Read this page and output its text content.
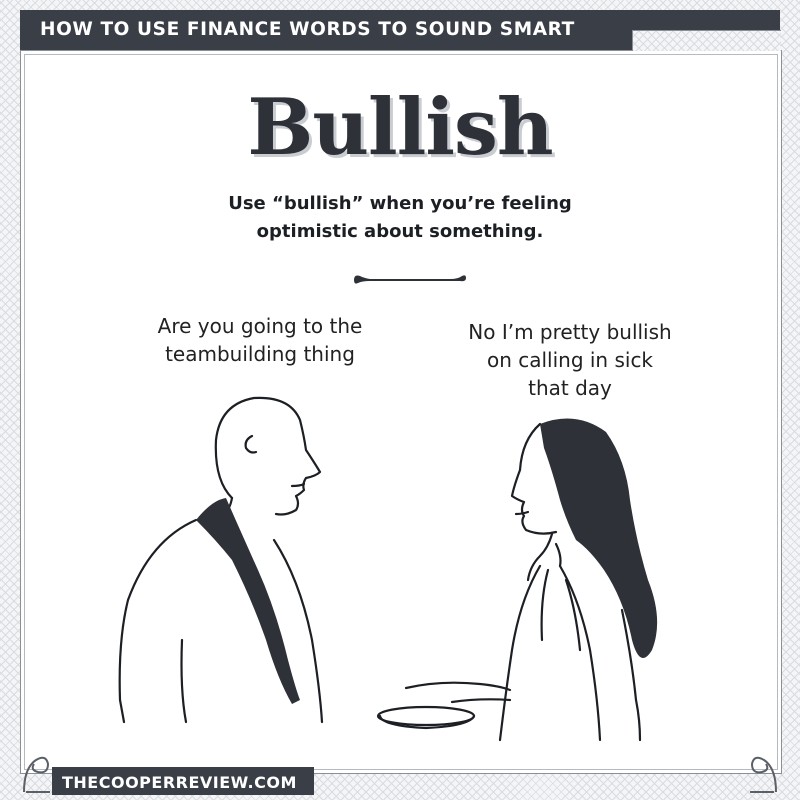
HOW TO USE FINANCE WORDS TO SOUND SMART
Bullish
Use “bullish” when you’re feeling
optimistic about something.
Are you going to the
teambuilding thing
No I’m pretty bullish
on calling in sick
that day
THECOOPERREVIEW.COM
